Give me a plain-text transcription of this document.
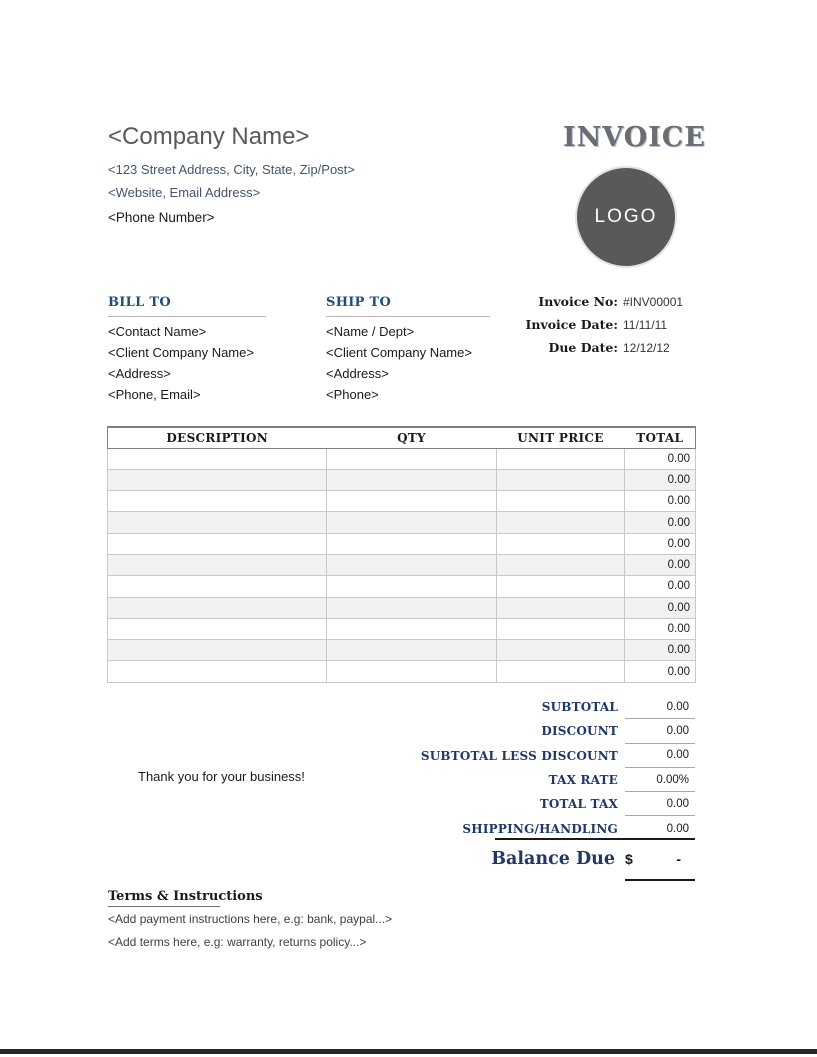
<Company Name>
<123 Street Address, City, State, Zip/Post>
<Website, Email Address>
<Phone Number>
INVOICE
LOGO
BILL TO
<Contact Name>
<Client Company Name>
<Address>
<Phone, Email>
SHIP TO
<Name / Dept>
<Client Company Name>
<Address>
<Phone>
Invoice No: #INV00001
Invoice Date: 11/11/11
Due Date: 12/12/12
DESCRIPTION	QTY	UNIT PRICE	TOTAL
			0.00
			0.00
			0.00
			0.00
			0.00
			0.00
			0.00
			0.00
			0.00
			0.00
			0.00
SUBTOTAL	0.00
DISCOUNT	0.00
SUBTOTAL LESS DISCOUNT	0.00
TAX RATE	0.00%
TOTAL TAX	0.00
SHIPPING/HANDLING	0.00
Balance Due $	-
Thank you for your business!
Terms & Instructions
<Add payment instructions here, e.g: bank, paypal...>
<Add terms here, e.g: warranty, returns policy...>
